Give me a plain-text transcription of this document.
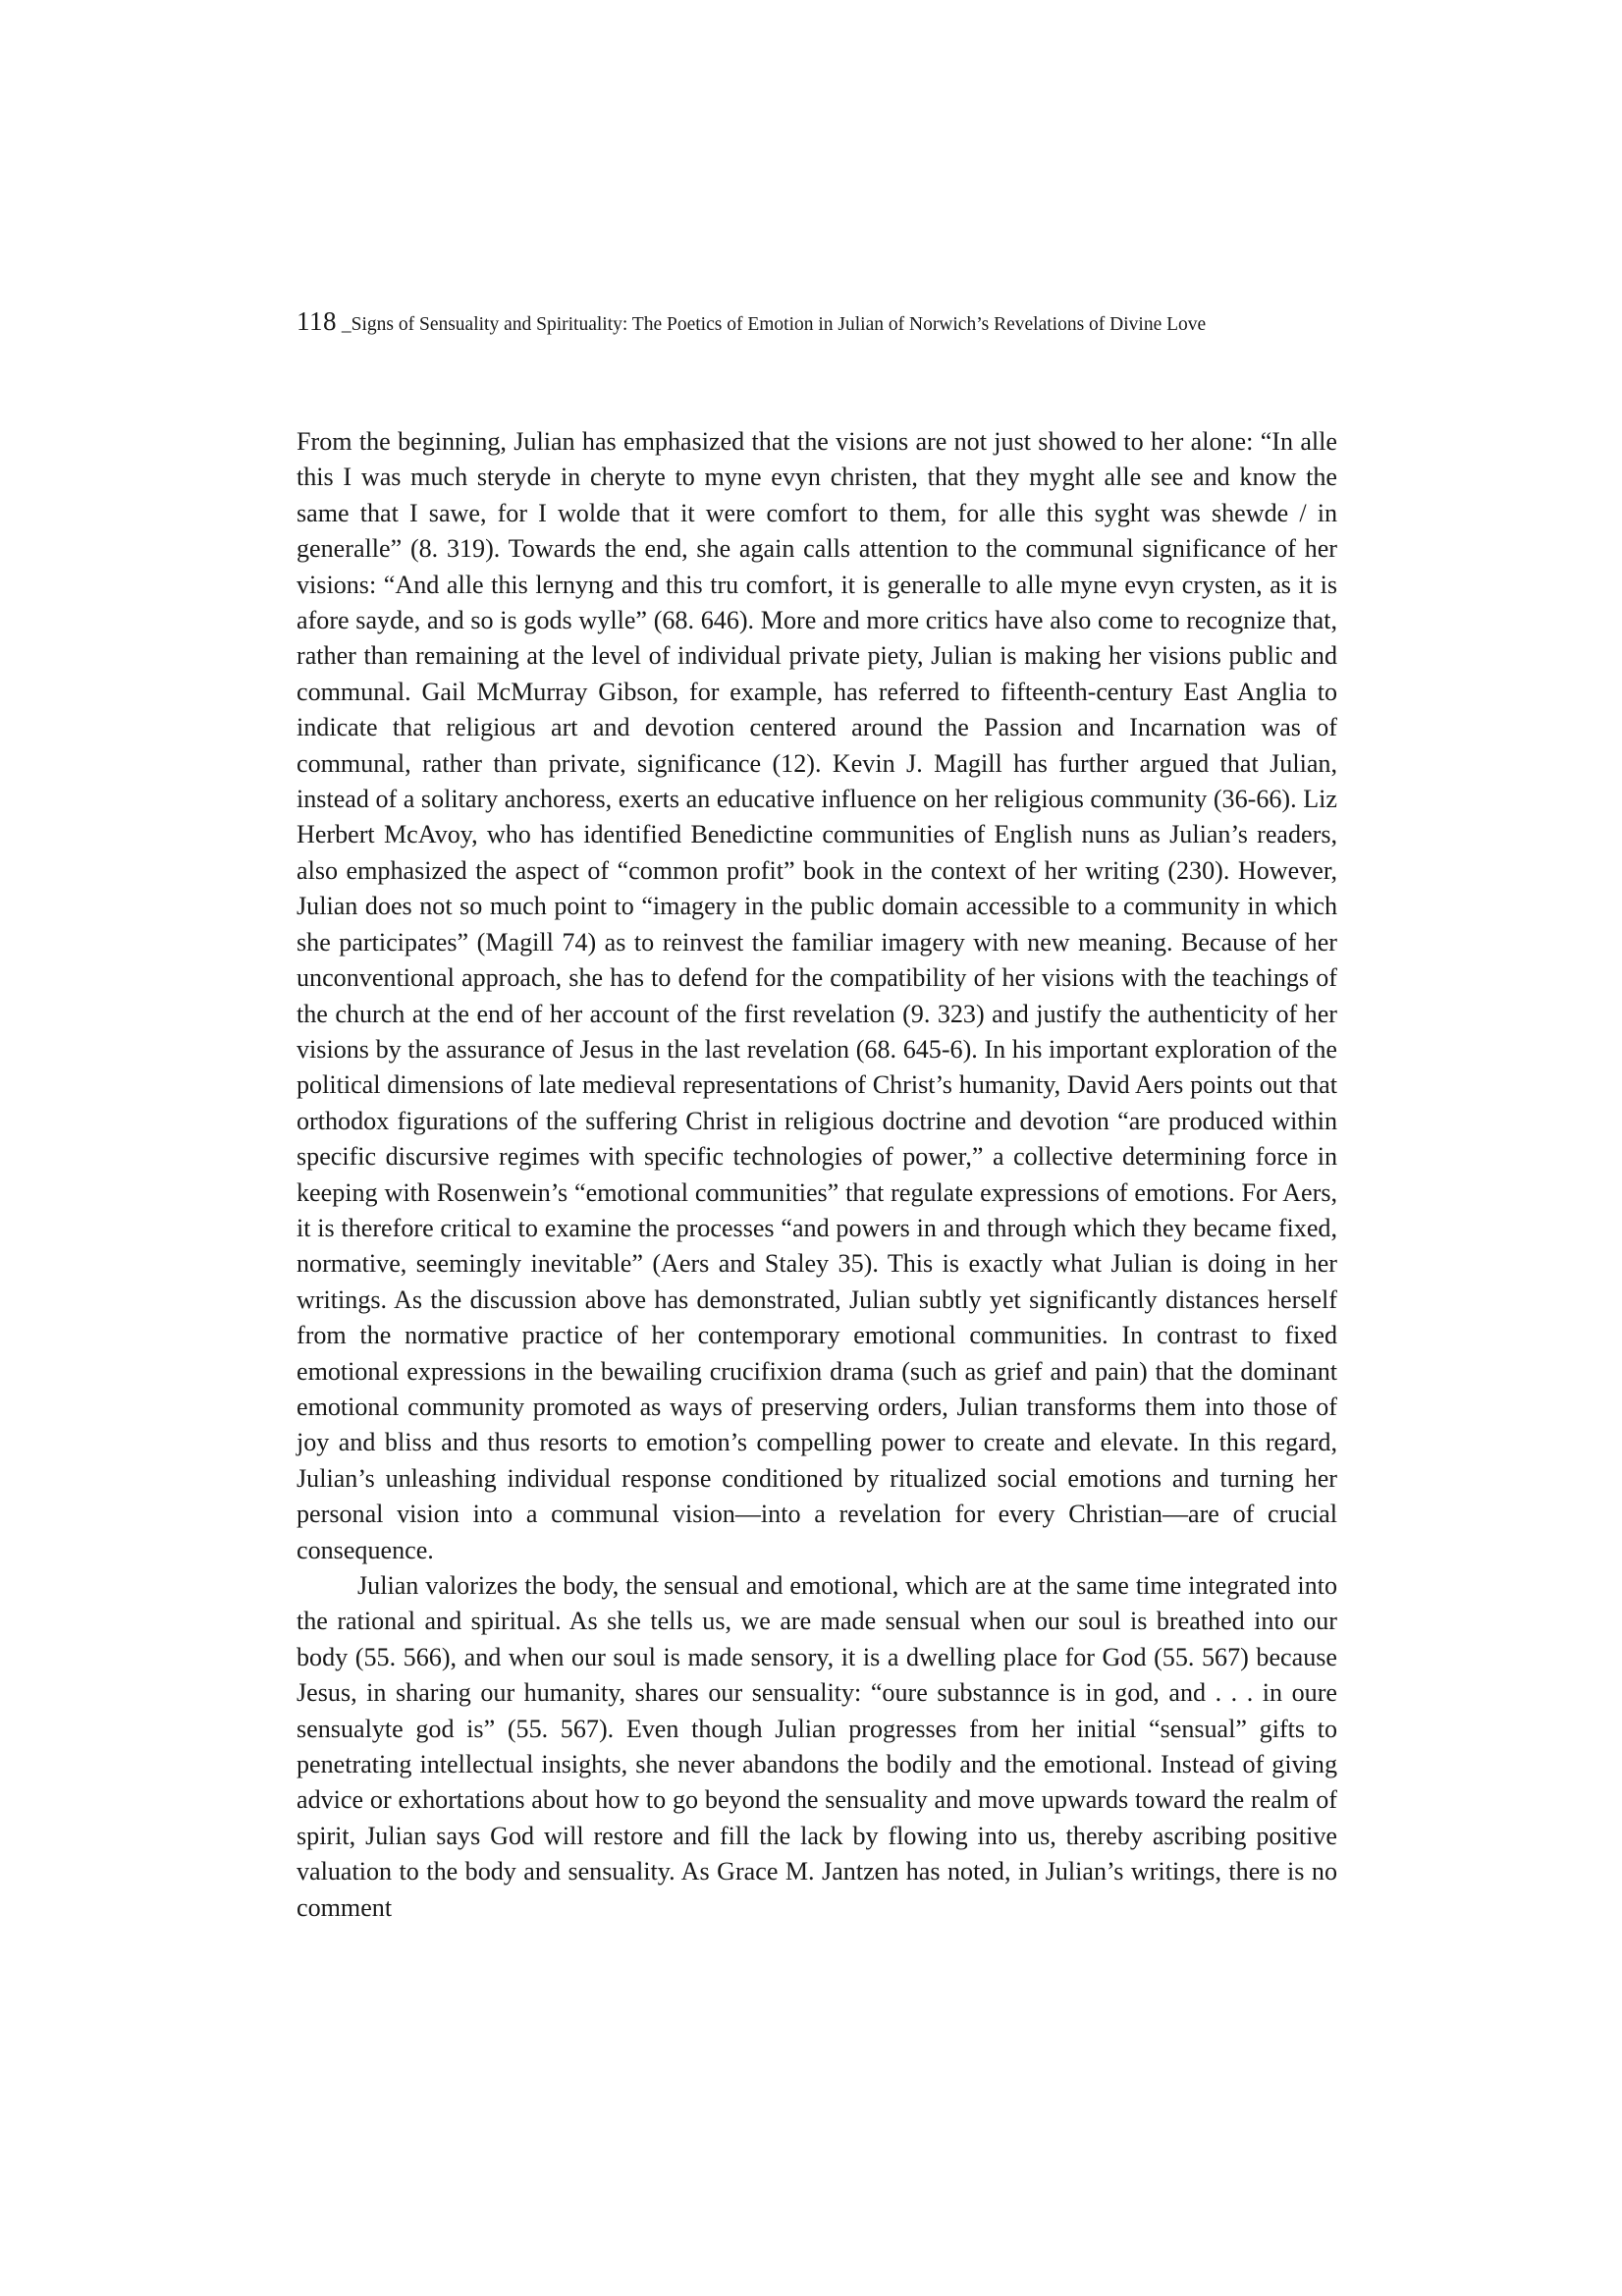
118 _Signs of Sensuality and Spirituality: The Poetics of Emotion in Julian of Norwich’s Revelations of Divine Love

From the beginning, Julian has emphasized that the visions are not just showed to her alone: “In alle this I was much steryde in cheryte to myne evyn christen, that they myght alle see and know the same that I sawe, for I wolde that it were comfort to them, for alle this syght was shewde / in generalle” (8. 319). Towards the end, she again calls attention to the communal significance of her visions: “And alle this lernyng and this tru comfort, it is generalle to alle myne evyn crysten, as it is afore sayde, and so is gods wylle” (68. 646). More and more critics have also come to recognize that, rather than remaining at the level of individual private piety, Julian is making her visions public and communal. Gail McMurray Gibson, for example, has referred to fifteenth-century East Anglia to indicate that religious art and devotion centered around the Passion and Incarnation was of communal, rather than private, significance (12). Kevin J. Magill has further argued that Julian, instead of a solitary anchoress, exerts an educative influence on her religious community (36-66). Liz Herbert McAvoy, who has identified Benedictine communities of English nuns as Julian’s readers, also emphasized the aspect of “common profit” book in the context of her writing (230). However, Julian does not so much point to “imagery in the public domain accessible to a community in which she participates” (Magill 74) as to reinvest the familiar imagery with new meaning. Because of her unconventional approach, she has to defend for the compatibility of her visions with the teachings of the church at the end of her account of the first revelation (9. 323) and justify the authenticity of her visions by the assurance of Jesus in the last revelation (68. 645-6). In his important exploration of the political dimensions of late medieval representations of Christ’s humanity, David Aers points out that orthodox figurations of the suffering Christ in religious doctrine and devotion “are produced within specific discursive regimes with specific technologies of power,” a collective determining force in keeping with Rosenwein’s “emotional communities” that regulate expressions of emotions. For Aers, it is therefore critical to examine the processes “and powers in and through which they became fixed, normative, seemingly inevitable” (Aers and Staley 35). This is exactly what Julian is doing in her writings. As the discussion above has demonstrated, Julian subtly yet significantly distances herself from the normative practice of her contemporary emotional communities. In contrast to fixed emotional expressions in the bewailing crucifixion drama (such as grief and pain) that the dominant emotional community promoted as ways of preserving orders, Julian transforms them into those of joy and bliss and thus resorts to emotion’s compelling power to create and elevate. In this regard, Julian’s unleashing individual response conditioned by ritualized social emotions and turning her personal vision into a communal vision—into a revelation for every Christian—are of crucial consequence.

Julian valorizes the body, the sensual and emotional, which are at the same time integrated into the rational and spiritual. As she tells us, we are made sensual when our soul is breathed into our body (55. 566), and when our soul is made sensory, it is a dwelling place for God (55. 567) because Jesus, in sharing our humanity, shares our sensuality: “oure substannce is in god, and . . . in oure sensualyte god is” (55. 567). Even though Julian progresses from her initial “sensual” gifts to penetrating intellectual insights, she never abandons the bodily and the emotional. Instead of giving advice or exhortations about how to go beyond the sensuality and move upwards toward the realm of spirit, Julian says God will restore and fill the lack by flowing into us, thereby ascribing positive valuation to the body and sensuality. As Grace M. Jantzen has noted, in Julian’s writings, there is no comment
